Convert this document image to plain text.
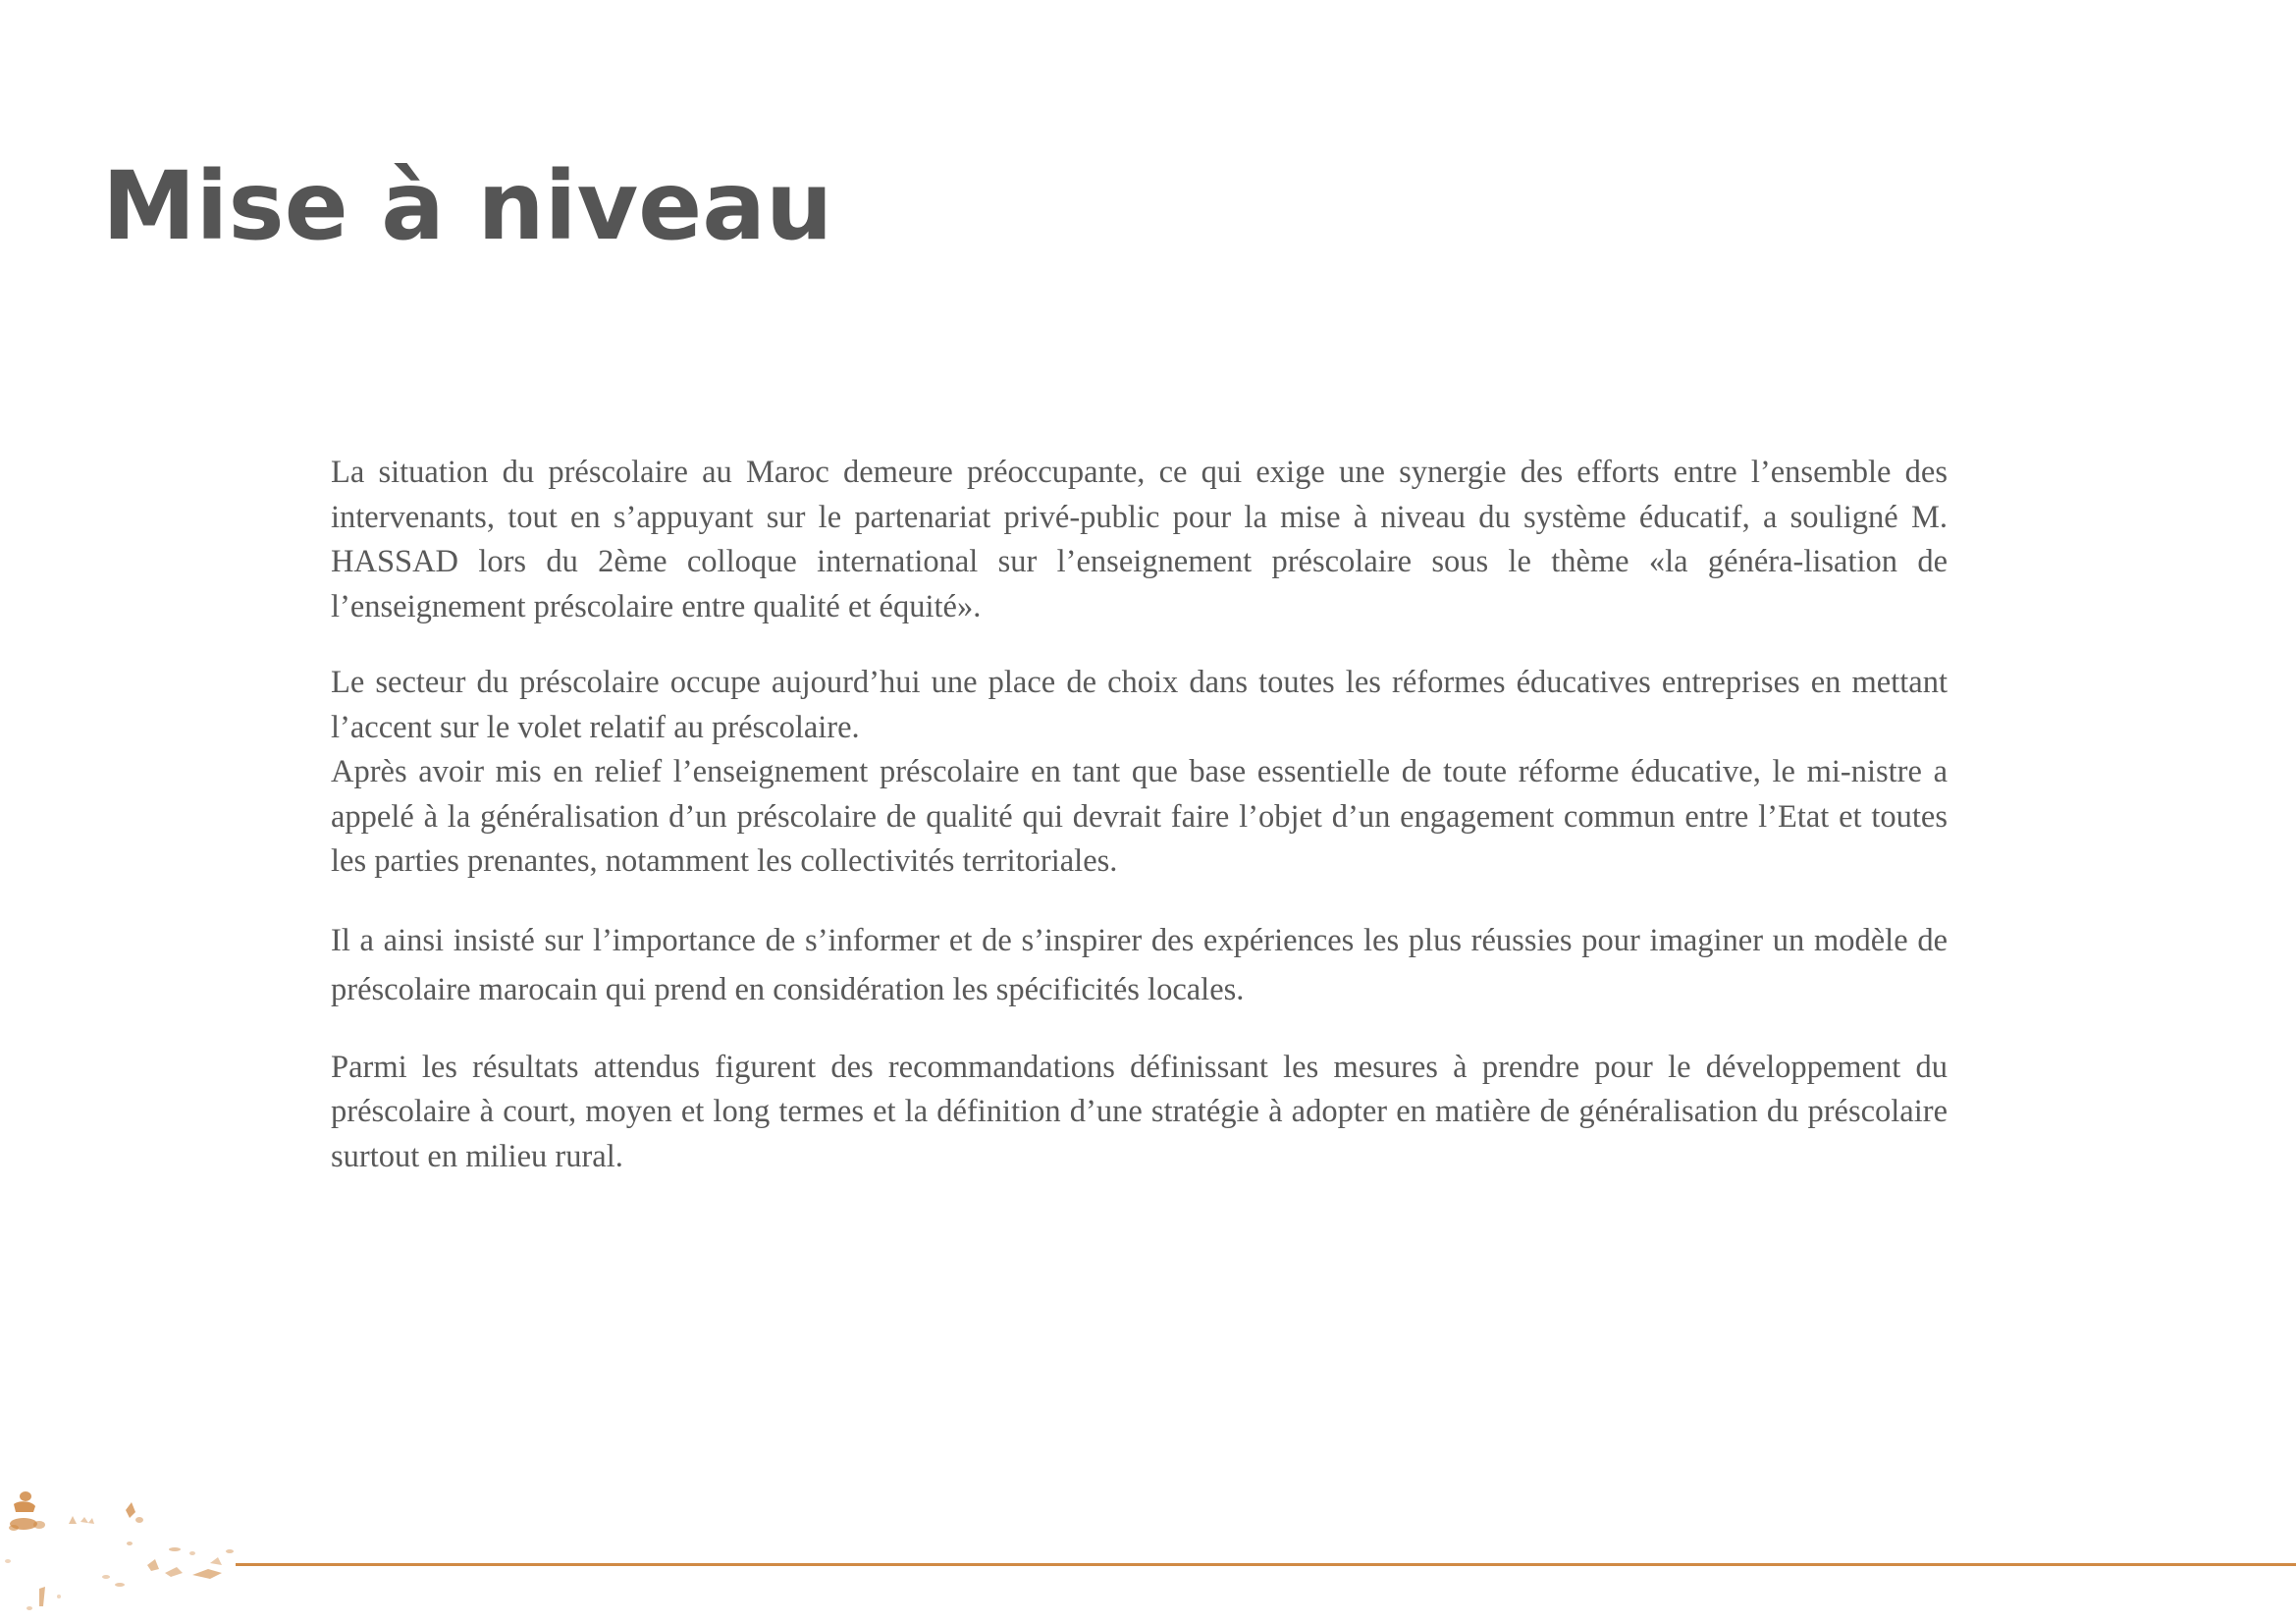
Mise à niveau

La situation du préscolaire au Maroc demeure préoccupante, ce qui exige une synergie des efforts entre l’ensemble des intervenants, tout en s’appuyant sur le partenariat privé-public pour la mise à niveau du système éducatif, a souligné M. HASSAD lors du 2ème colloque international sur l’enseignement préscolaire sous le thème «la généra-lisation de l’enseignement préscolaire entre qualité et équité».

Le secteur du préscolaire occupe aujourd’hui une place de choix dans toutes les réformes éducatives entreprises en mettant l’accent sur le volet relatif au préscolaire.

Après avoir mis en relief l’enseignement préscolaire en tant que base essentielle de toute réforme éducative, le mi-nistre a appelé à la généralisation d’un préscolaire de qualité qui devrait faire l’objet d’un engagement commun entre l’Etat et toutes les parties prenantes, notamment les collectivités territoriales.

Il a ainsi insisté sur l’importance de s’informer et de s’inspirer des expériences les plus réussies pour imaginer un modèle de préscolaire marocain qui prend en considération les spécificités locales.

Parmi les résultats attendus figurent des recommandations définissant les mesures à prendre pour le développement du préscolaire à court, moyen et long termes et la définition d’une stratégie à adopter en matière de généralisation du préscolaire surtout en milieu rural.
